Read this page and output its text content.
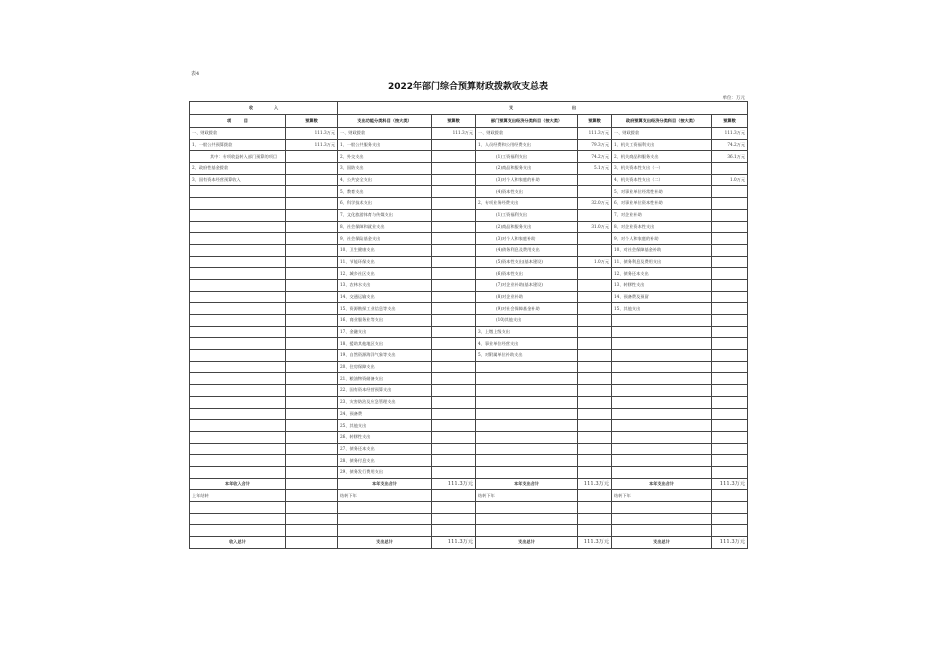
表4
2022年部门综合预算财政拨款收支总表
单位：万元
收　　　　　入		支　　　　　　　　　　　　　　出					
项　　　目	预算数	支出功能分类科目（按大类）	预算数	部门预算支出经济分类科目（按大类）	预算数	政府预算支出经济分类科目（按大类）	预算数
一、财政拨款	111.3万元	一、财政拨款	111.3万元	一、财政拨款	111.3万元	一、财政拨款	111.3万元
1、一般公共预算拨款	111.3万元	1、一般公共服务支出		1、人员经费和公用经费支出	79.3万元	1、机关工资福利支出	74.2万元
其中：专项收益转入部门预算的项目		2、外交支出		(1)工资福利支出	74.2万元	2、机关商品和服务支出	36.1万元
2、政府性基金拨款		3、国防支出		(2)商品和服务支出	5.1万元	3、机关资本性支出（一）	
3、国有资本经营预算收入		4、公共安全支出		(3)对个人和家庭的补助		4、机关资本性支出（二）	1.0万元
		5、教育支出		(4)资本性支出		5、对事业单位经常性补助	
		6、科学技术支出		2、专项业务经费支出	32.0万元	6、对事业单位资本性补助	
		7、文化旅游体育与传媒支出		(1)工资福利支出		7、对企业补助	
		8、社会保障和就业支出		(2)商品和服务支出	31.0万元	8、对企业资本性支出	
		9、社会保险基金支出		(3)对个人和家庭补助		9、对个人和家庭的补助	
		10、卫生健康支出		(4)债务利息及费用支出		10、对社会保障基金补助	
		11、节能环保支出		(5)资本性支出(基本建设)	1.0万元	11、债务利息及费用支出	
		12、城乡社区支出		(6)资本性支出		12、债务还本支出	
		13、农林水支出		(7)对企业补助(基本建设)		13、转移性支出	
		14、交通运输支出		(8)对企业补助		14、预备费及预留	
		15、资源勘探工业信息等支出		(9)对社会保障基金补助		15、其他支出	
		16、商业服务业等支出		(10)其他支出			
		17、金融支出		3、上缴上级支出			
		18、援助其他地区支出		4、事业单位经营支出			
		19、自然资源海洋气象等支出		5、对附属单位补助支出			
		20、住房保障支出					
		21、粮油物资储备支出					
		22、国有资本经营预算支出					
		23、灾害防治及应急管理支出					
		24、预备费					
		25、其他支出					
		26、转移性支出					
		27、债务还本支出					
		28、债务付息支出					
		29、债务发行费用支出					
本年收入合计		本年支出合计	111.3万元	本年支出合计	111.3万元	本年支出合计	111.3万元
上年结转		结转下年		结转下年		结转下年	

收入总计		支出总计	111.3万元	支出总计	111.3万元	支出总计	111.3万元
